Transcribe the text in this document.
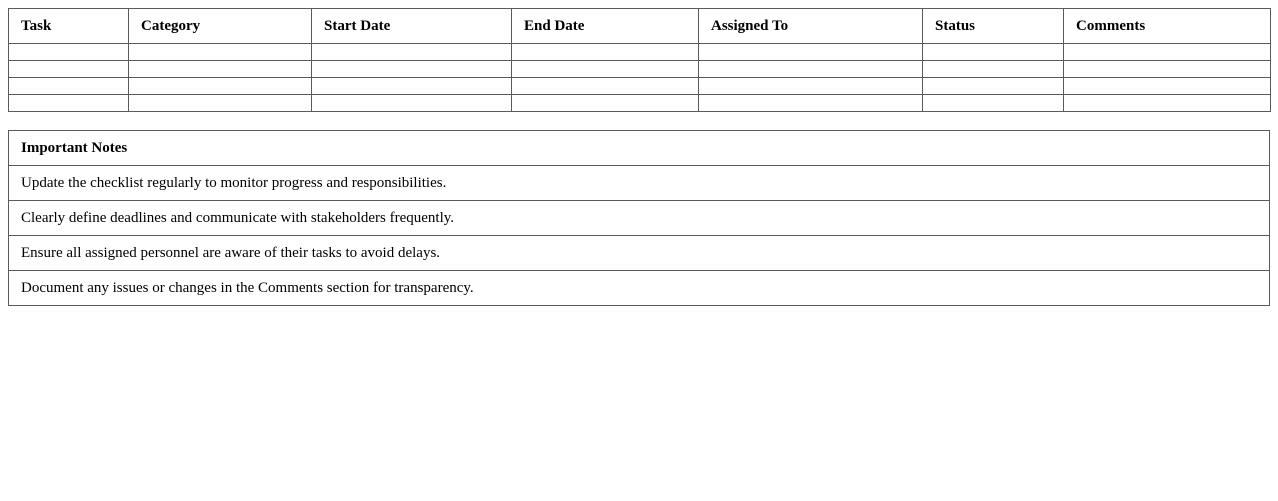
Task	Category	Start Date	End Date	Assigned To	Status	Comments

Important Notes
Update the checklist regularly to monitor progress and responsibilities.
Clearly define deadlines and communicate with stakeholders frequently.
Ensure all assigned personnel are aware of their tasks to avoid delays.
Document any issues or changes in the Comments section for transparency.
